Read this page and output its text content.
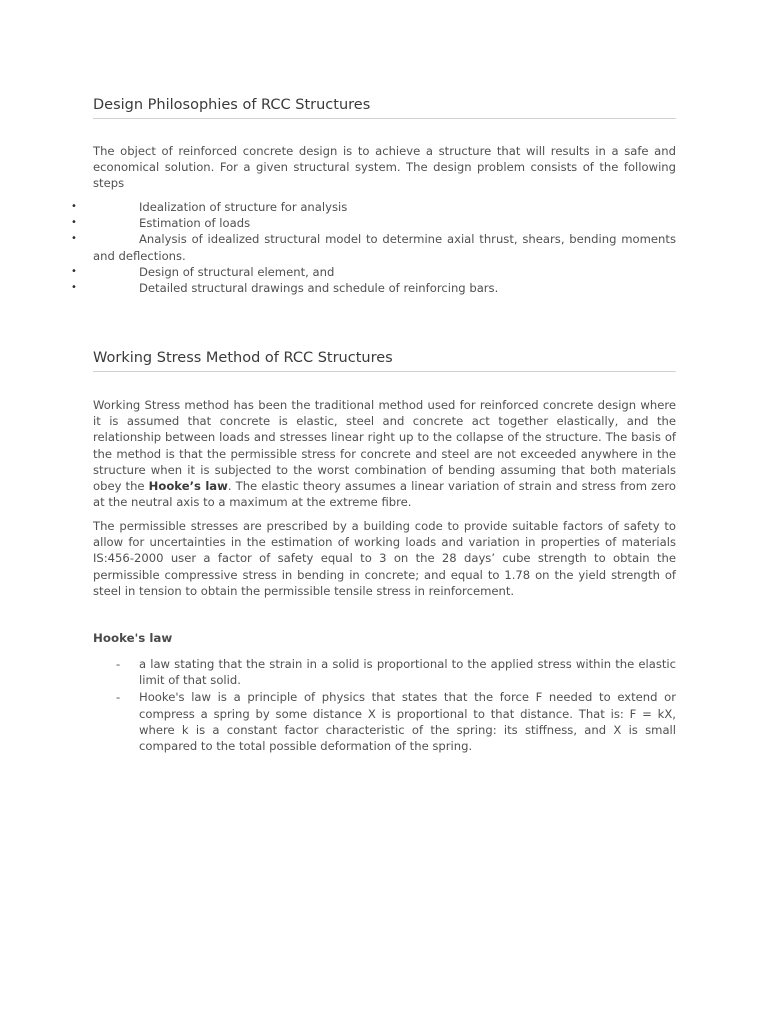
Design Philosophies of RCC Structures

The object of reinforced concrete design is to achieve a structure that will results in a safe and economical solution. For a given structural system. The design problem consists of the following steps

•	Idealization of structure for analysis
•	Estimation of loads
•	Analysis of idealized structural model to determine axial thrust, shears, bending moments and deflections.
•	Design of structural element, and
•	Detailed structural drawings and schedule of reinforcing bars.
Working Stress Method of RCC Structures

Working Stress method has been the traditional method used for reinforced concrete design where it is assumed that concrete is elastic, steel and concrete act together elastically, and the relationship between loads and stresses linear right up to the collapse of the structure. The basis of the method is that the permissible stress for concrete and steel are not exceeded anywhere in the structure when it is subjected to the worst combination of bending assuming that both materials obey the Hooke’s law. The elastic theory assumes a linear variation of strain and stress from zero at the neutral axis to a maximum at the extreme fibre.

The permissible stresses are prescribed by a building code to provide suitable factors of safety to allow for uncertainties in the estimation of working loads and variation in properties of materials IS:456-2000 user a factor of safety equal to 3 on the 28 days’ cube strength to obtain the permissible compressive stress in bending in concrete; and equal to 1.78 on the yield strength of steel in tension to obtain the permissible tensile stress in reinforcement.

Hooke's law
- a law stating that the strain in a solid is proportional to the applied stress within the elastic limit of that solid.
- Hooke's law is a principle of physics that states that the force F needed to extend or compress a spring by some distance X is proportional to that distance. That is: F = kX, where k is a constant factor characteristic of the spring: its stiffness, and X is small compared to the total possible deformation of the spring.
